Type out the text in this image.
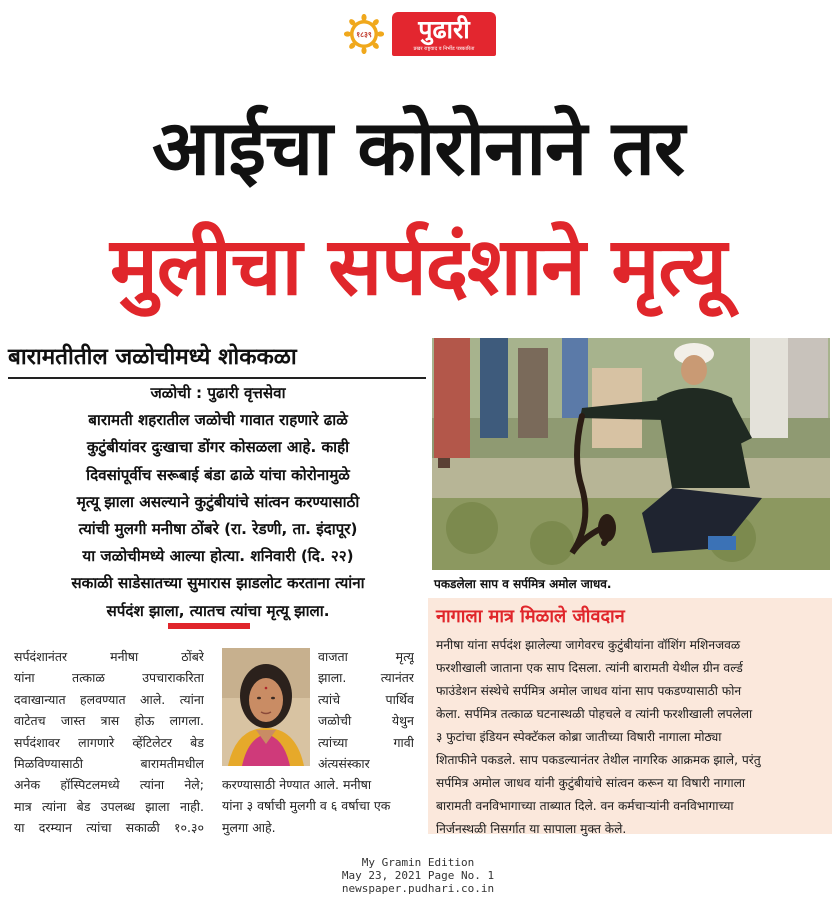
१८३९	पुढारी
प्रखर राष्ट्रवाद व निर्भीड पत्रकारिता
आईचा कोरोनाने तर
मुलीचा सर्पदंशाने मृत्यू
बारामतीतील जळोचीमध्ये शोककळा
जळोची : पुढारी वृत्तसेवा
बारामती शहरातील जळोची गावात राहणारे ढाळे
कुटुंबीयांवर दुःखाचा डोंगर कोसळला आहे. काही
दिवसांपूर्वीच सरूबाई बंडा ढाळे यांचा कोरोनामुळे
मृत्यू झाला असल्याने कुटुंबीयांचे सांत्वन करण्यासाठी
त्यांची मुलगी मनीषा ठोंबरे (रा. रेडणी, ता. इंदापूर)
या जळोचीमध्ये आल्या होत्या. शनिवारी (दि. २२)
सकाळी साडेसातच्या सुमारास झाडलोट करताना त्यांना
सर्पदंश झाला, त्यातच त्यांचा मृत्यू झाला.
सर्पदंशानंतर मनीषा ठोंबरे
यांना तत्काळ उपचाराकरिता
दवाखान्यात हलवण्यात आले. त्यांना
वाटेतच जास्त त्रास होऊ लागला.
सर्पदंशावर लागणारे व्हेंटिलेटर बेड
मिळविण्यासाठी बारामतीमधील
अनेक हॉस्पिटलमध्ये त्यांना नेले;
मात्र त्यांना बेड उपलब्ध झाला नाही.
या दरम्यान त्यांचा सकाळी १०.३०
वाजता मृत्यू
झाला. त्यानंतर
त्यांचे पार्थिव
जळोची येथुन
त्यांच्या गावी
अंत्यसंस्कार
करण्यासाठी नेण्यात आले. मनीषा
यांना ३ वर्षाची मुलगी व ६ वर्षाचा एक
मुलगा आहे.
पकडलेला साप व सर्पमित्र अमोल जाधव.
नागाला मात्र मिळाले जीवदान
मनीषा यांना सर्पदंश झालेल्या जागेवरच कुटुंबीयांना वॉशिंग मशिनजवळ
फरशीखाली जाताना एक साप दिसला. त्यांनी बारामती येथील ग्रीन वर्ल्ड
फाउंडेशन संस्थेचे सर्पमित्र अमोल जाधव यांना साप पकडण्यासाठी फोन
केला. सर्पमित्र तत्काळ घटनास्थळी पोहचले व त्यांनी फरशीखाली लपलेला
३ फुटांचा इंडियन स्पेक्टॅकल कोब्रा जातीच्या विषारी नागाला मोठ्या
शिताफीने पकडले. साप पकडल्यानंतर तेथील नागरिक आक्रमक झाले, परंतु
सर्पमित्र अमोल जाधव यांनी कुटुंबीयांचे सांत्वन करून या विषारी नागाला
बारामती वनविभागाच्या ताब्यात दिले. वन कर्मचाऱ्यांनी वनविभागाच्या
निर्जनस्थळी निसर्गात या सापाला मुक्त केले.
My Gramin Edition
May 23, 2021 Page No. 1
newspaper.pudhari.co.in
